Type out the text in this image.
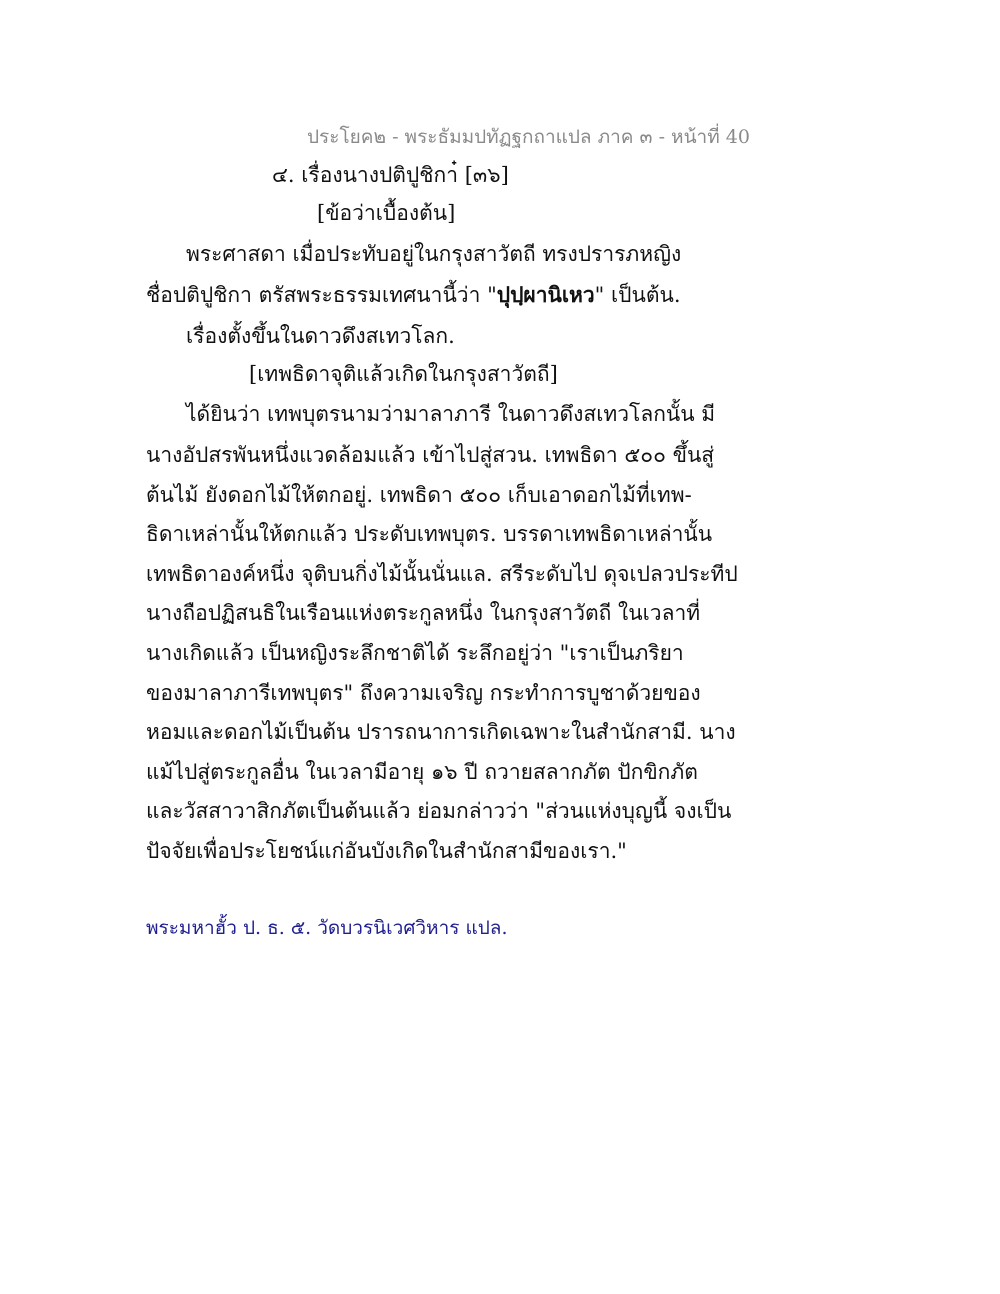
ประโยค๒ - พระธัมมปทัฏฐกถาแปล ภาค ๓ - หน้าที่ 40
๔. เรื่องนางปติปูชิกา๋ [๓๖]
[ข้อว่าเบื้องต้น]
พระศาสดา เมื่อประทับอยู่ในกรุงสาวัตถี ทรงปรารภหญิง
ชื่อปติปูชิกา ตรัสพระธรรมเทศนานี้ว่า "ปุปฺผานิเหว" เป็นต้น.
เรื่องตั้งขึ้นในดาวดึงสเทวโลก.
[เทพธิดาจุติแล้วเกิดในกรุงสาวัตถี]
ได้ยินว่า เทพบุตรนามว่ามาลาภารี ในดาวดึงสเทวโลกนั้น มี
นางอัปสรพันหนึ่งแวดล้อมแล้ว เข้าไปสู่สวน. เทพธิดา ๕๐๐ ขึ้นสู่
ต้นไม้ ยังดอกไม้ให้ตกอยู่. เทพธิดา ๕๐๐ เก็บเอาดอกไม้ที่เทพ-
ธิดาเหล่านั้นให้ตกแล้ว ประดับเทพบุตร. บรรดาเทพธิดาเหล่านั้น
เทพธิดาองค์หนึ่ง จุติบนกิ่งไม้นั้นนั่นแล. สรีระดับไป ดุจเปลวประทีป
นางถือปฏิสนธิในเรือนแห่งตระกูลหนึ่ง ในกรุงสาวัตถี ในเวลาที่
นางเกิดแล้ว เป็นหญิงระลึกชาติได้ ระลึกอยู่ว่า "เราเป็นภริยา
ของมาลาภารีเทพบุตร" ถึงความเจริญ กระทำการบูชาด้วยของ
หอมและดอกไม้เป็นต้น ปรารถนาการเกิดเฉพาะในสำนักสามี. นาง
แม้ไปสู่ตระกูลอื่น ในเวลามีอายุ ๑๖ ปี ถวายสลากภัต ปักขิกภัต
และวัสสาวาสิกภัตเป็นต้นแล้ว ย่อมกล่าวว่า "ส่วนแห่งบุญนี้ จงเป็น
ปัจจัยเพื่อประโยชน์แก่อันบังเกิดในสำนักสามีของเรา."
พระมหาฮั้ว ป. ธ. ๕. วัดบวรนิเวศวิหาร แปล.
